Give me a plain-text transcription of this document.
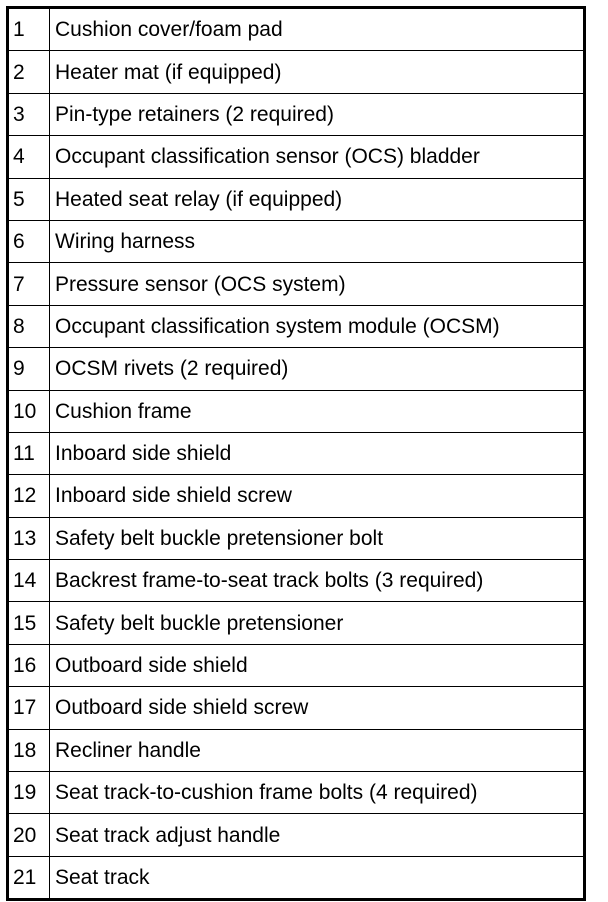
1	Cushion cover/foam pad
2	Heater mat (if equipped)
3	Pin-type retainers (2 required)
4	Occupant classification sensor (OCS) bladder
5	Heated seat relay (if equipped)
6	Wiring harness
7	Pressure sensor (OCS system)
8	Occupant classification system module (OCSM)
9	OCSM rivets (2 required)
10	Cushion frame
11	Inboard side shield
12	Inboard side shield screw
13	Safety belt buckle pretensioner bolt
14	Backrest frame-to-seat track bolts (3 required)
15	Safety belt buckle pretensioner
16	Outboard side shield
17	Outboard side shield screw
18	Recliner handle
19	Seat track-to-cushion frame bolts (4 required)
20	Seat track adjust handle
21	Seat track
